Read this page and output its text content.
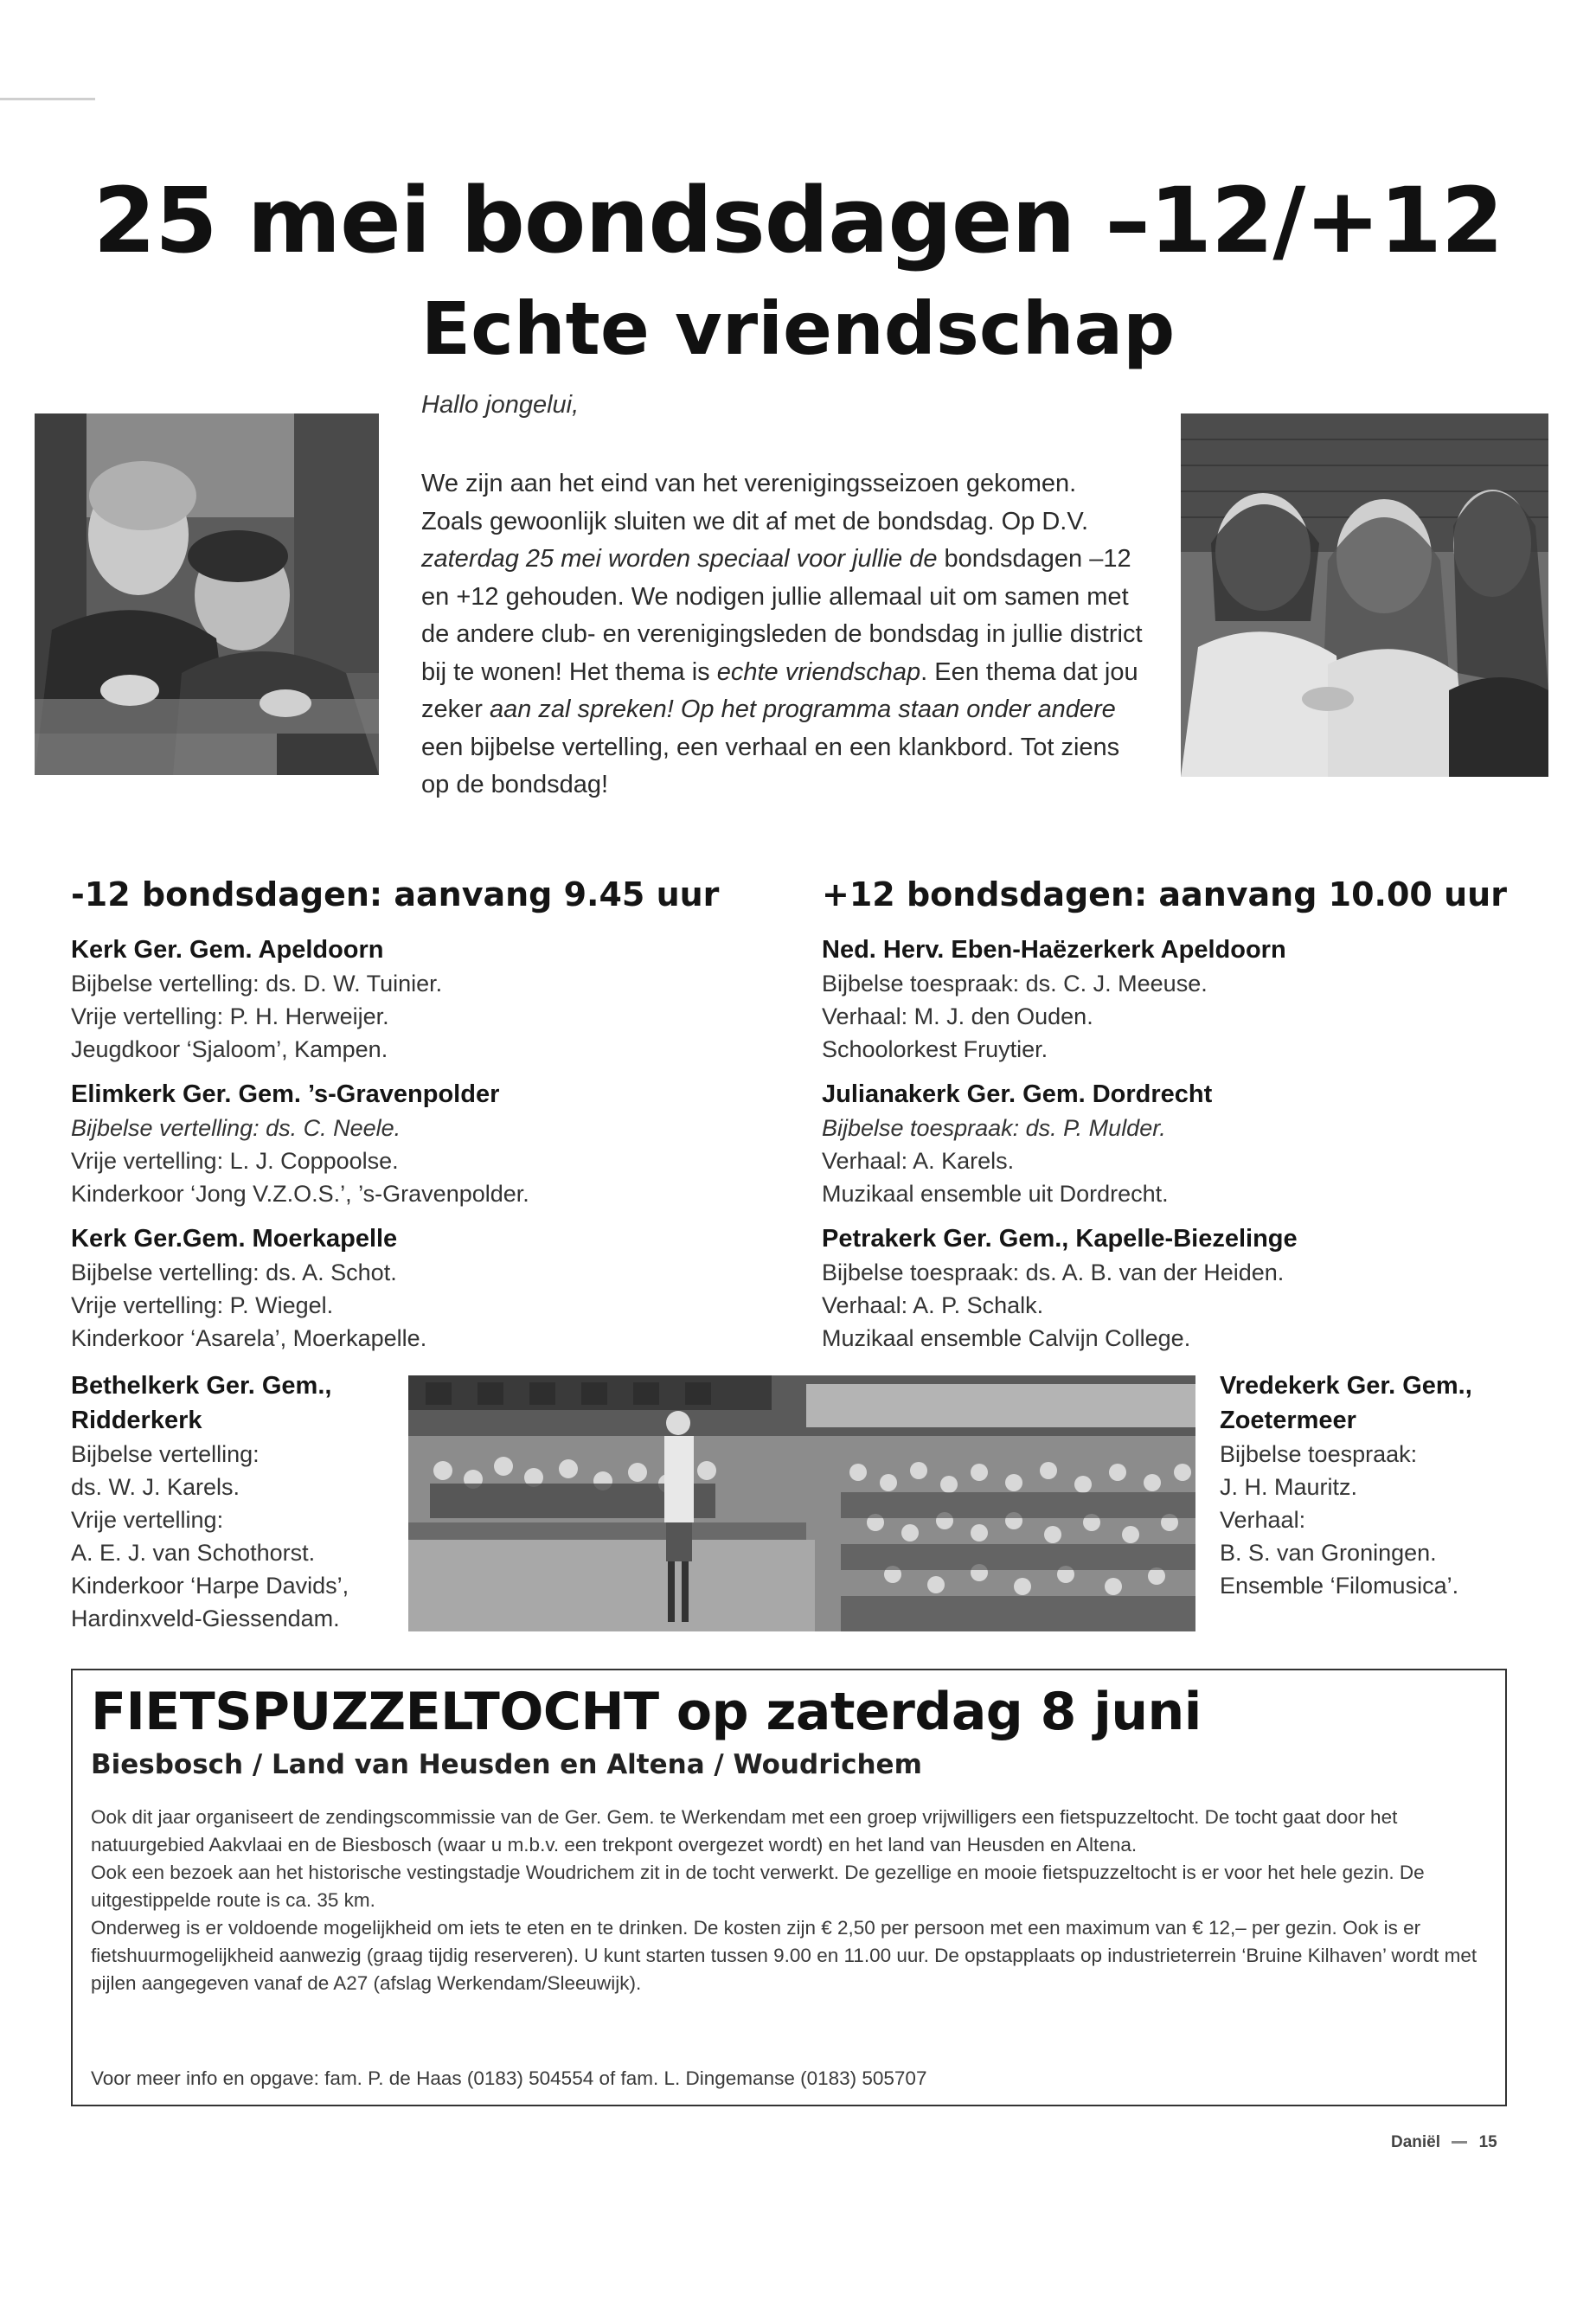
25 mei bondsdagen –12/+12
Echte vriendschap
Hallo jongelui,
We zijn aan het eind van het verenigingsseizoen gekomen. Zoals gewoonlijk sluiten we dit af met de bondsdag. Op D.V. zaterdag 25 mei worden speciaal voor jullie de bondsdagen –12 en +12 gehouden. We nodigen jullie allemaal uit om samen met de andere club- en verenigingsleden de bondsdag in jullie district bij te wonen! Het thema is echte vriendschap. Een thema dat jou zeker aan zal spreken! Op het programma staan onder andere een bijbelse vertelling, een verhaal en een klankbord. Tot ziens op de bondsdag!
-12 bondsdagen: aanvang 9.45 uur
Kerk Ger. Gem. Apeldoorn
Bijbelse vertelling: ds. D. W. Tuinier.
Vrije vertelling: P. H. Herweijer.
Jeugdkoor ‘Sjaloom’, Kampen.
Elimkerk Ger. Gem. ’s-Gravenpolder
Bijbelse vertelling: ds. C. Neele.
Vrije vertelling: L. J. Coppoolse.
Kinderkoor ‘Jong V.Z.O.S.’, ’s-Gravenpolder.
Kerk Ger.Gem. Moerkapelle
Bijbelse vertelling: ds. A. Schot.
Vrije vertelling: P. Wiegel.
Kinderkoor ‘Asarela’, Moerkapelle.
Bethelkerk Ger. Gem.,
Ridderkerk
Bijbelse vertelling:
ds. W. J. Karels.
Vrije vertelling:
A. E. J. van Schothorst.
Kinderkoor ‘Harpe Davids’,
Hardinxveld-Giessendam.
+12 bondsdagen: aanvang 10.00 uur
Ned. Herv. Eben-Haëzerkerk Apeldoorn
Bijbelse toespraak: ds. C. J. Meeuse.
Verhaal: M. J. den Ouden.
Schoolorkest Fruytier.
Julianakerk Ger. Gem. Dordrecht
Bijbelse toespraak: ds. P. Mulder.
Verhaal: A. Karels.
Muzikaal ensemble uit Dordrecht.
Petrakerk Ger. Gem., Kapelle-Biezelinge
Bijbelse toespraak: ds. A. B. van der Heiden.
Verhaal: A. P. Schalk.
Muzikaal ensemble Calvijn College.
Vredekerk Ger. Gem.,
Zoetermeer
Bijbelse toespraak:
J. H. Mauritz.
Verhaal:
B. S. van Groningen.
Ensemble ‘Filomusica’.
FIETSPUZZELTOCHT op zaterdag 8 juni
Biesbosch / Land van Heusden en Altena / Woudrichem

Ook dit jaar organiseert de zendingscommissie van de Ger. Gem. te Werkendam met een groep vrijwilligers een fietspuzzeltocht. De tocht gaat door het natuurgebied Aakvlaai en de Biesbosch (waar u m.b.v. een trekpont overgezet wordt) en het land van Heusden en Altena.

Ook een bezoek aan het historische vestingstadje Woudrichem zit in de tocht verwerkt. De gezellige en mooie fietspuzzeltocht is er voor het hele gezin. De uitgestippelde route is ca. 35 km.

Onderweg is er voldoende mogelijkheid om iets te eten en te drinken. De kosten zijn € 2,50 per persoon met een maximum van € 12,– per gezin. Ook is er fietshuurmogelijkheid aanwezig (graag tijdig reserveren). U kunt starten tussen 9.00 en 11.00 uur. De opstapplaats op industrieterrein ‘Bruine Kilhaven’ wordt met pijlen aangegeven vanaf de A27 (afslag Werkendam/Sleeuwijk).

Voor meer info en opgave: fam. P. de Haas (0183) 504554 of fam. L. Dingemanse (0183) 505707
Daniël 15
